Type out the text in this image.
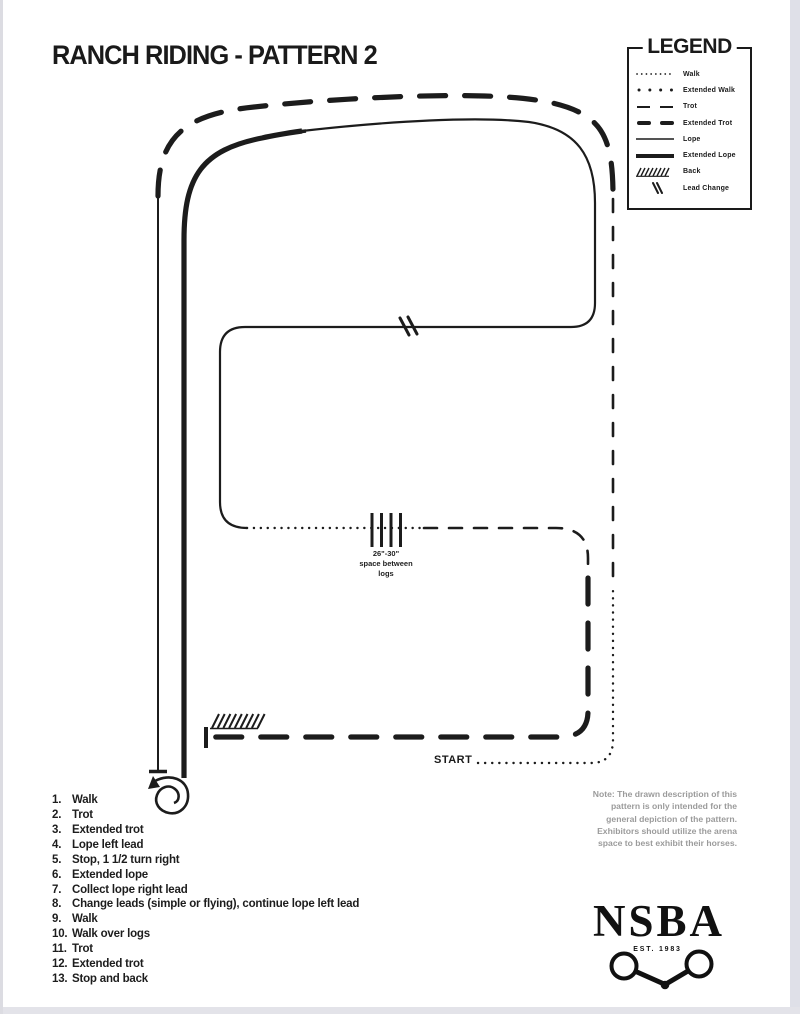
RANCH RIDING - PATTERN 2	LEGEND
Walk
Extended Walk
Trot
Extended Trot
Lope
Extended Lope
Back
Lead Change
START
26"-30"
space between
logs
1. Walk
2. Trot
3. Extended trot
4. Lope left lead
5. Stop, 1 1/2 turn right
6. Extended lope
7. Collect lope right lead
8. Change leads (simple or flying), continue lope left lead
9. Walk
10. Walk over logs
11. Trot
12. Extended trot
13. Stop and back
Note: The drawn description of this
pattern is only intended for the
general depiction of the pattern.
Exhibitors should utilize the arena
space to best exhibit their horses.
NSBA
EST. 1983
